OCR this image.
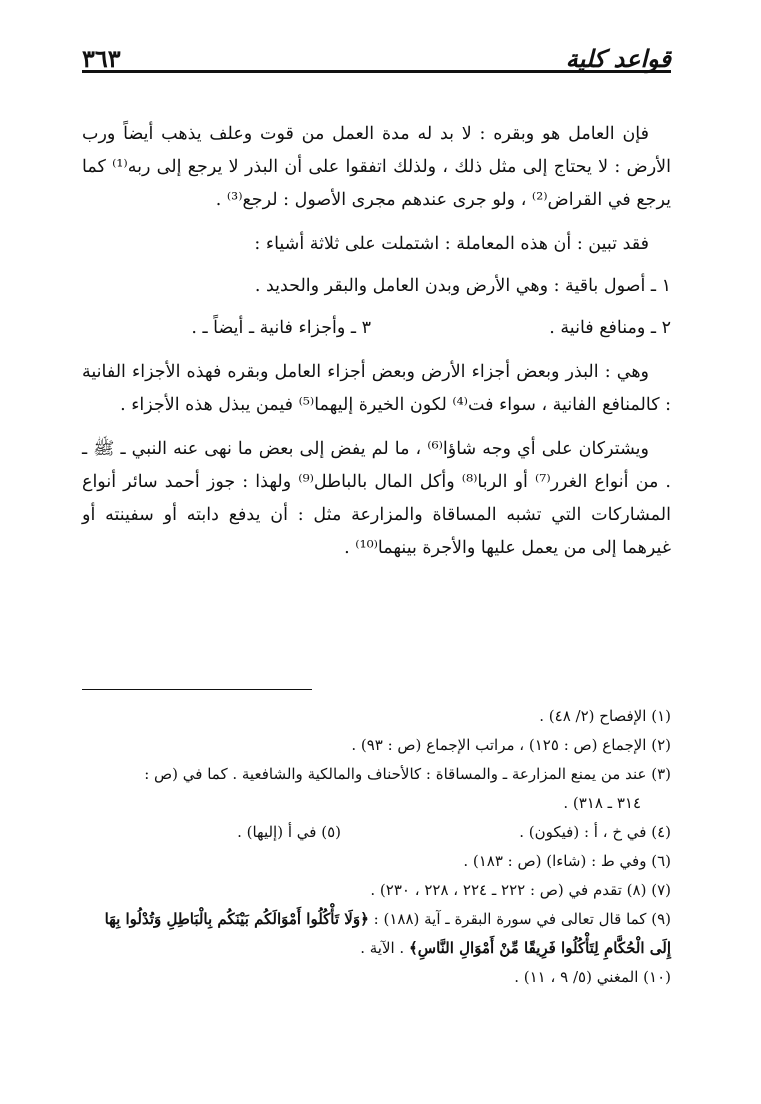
قواعد كلية
٣٦٣

فإن العامل هو وبقره : لا بد له مدة العمل من قوت وعلف يذهب أيضاً ورب الأرض : لا يحتاج إلى مثل ذلك ، ولذلك اتفقوا على أن البذر لا يرجع إلى ربه⁽¹⁾ كما يرجع في القراض⁽²⁾ ، ولو جرى عندهم مجرى الأصول : لرجع⁽³⁾ .

فقد تبين : أن هذه المعاملة : اشتملت على ثلاثة أشياء :

١ ـ أصول باقية : وهي الأرض وبدن العامل والبقر والحديد .

٢ ـ ومنافع فانية .٣ ـ وأجزاء فانية ـ أيضاً ـ .

وهي : البذر وبعض أجزاء الأرض وبعض أجزاء العامل وبقره فهذه الأجزاء الفانية : كالمنافع الفانية ، سواء فت⁽⁴⁾ لكون الخيرة إليهما⁽⁵⁾ فيمن يبذل هذه الأجزاء .

ويشتركان على أي وجه شاؤا⁽⁶⁾ ، ما لم يفض إلى بعض ما نهى عنه النبي ـ ﷺ ـ . من أنواع الغرر⁽⁷⁾ أو الربا⁽⁸⁾ وأكل المال بالباطل⁽⁹⁾ ولهذا : جوز أحمد سائر أنواع المشاركات التي تشبه المساقاة والمزارعة مثل : أن يدفع دابته أو سفينته أو غيرهما إلى من يعمل عليها والأجرة بينهما⁽¹⁰⁾ .

(١) الإفصاح (٢/ ٤٨) .

(٢) الإجماع (ص : ١٢٥) ، مراتب الإجماع (ص : ٩٣) .

(٣) عند من يمنع المزارعة ـ والمساقاة : كالأحناف والمالكية والشافعية . كما في (ص :

٣١٤ ـ ٣١٨) .

(٤) في خ ، أ : (فيكون) .(٥) في أ (إليها) .

(٦) وفي ط : (شاءا) (ص : ١٨٣) .

(٧) (٨) تقدم في (ص : ٢٢٢ ـ ٢٢٤ ، ٢٢٨ ، ٢٣٠) .

(٩) كما قال تعالى في سورة البقرة ـ آية (١٨٨) : ﴿وَلَا تَأْكُلُوا أَمْوَالَكُم بَيْنَكُم بِالْبَاطِلِ وَتُدْلُوا بِهَا

إِلَى الْحُكَّامِ لِتَأْكُلُوا فَرِيقًا مِّنْ أَمْوَالِ النَّاسِ﴾ . الآية .

(١٠) المغني (٥/ ٩ ، ١١) .
